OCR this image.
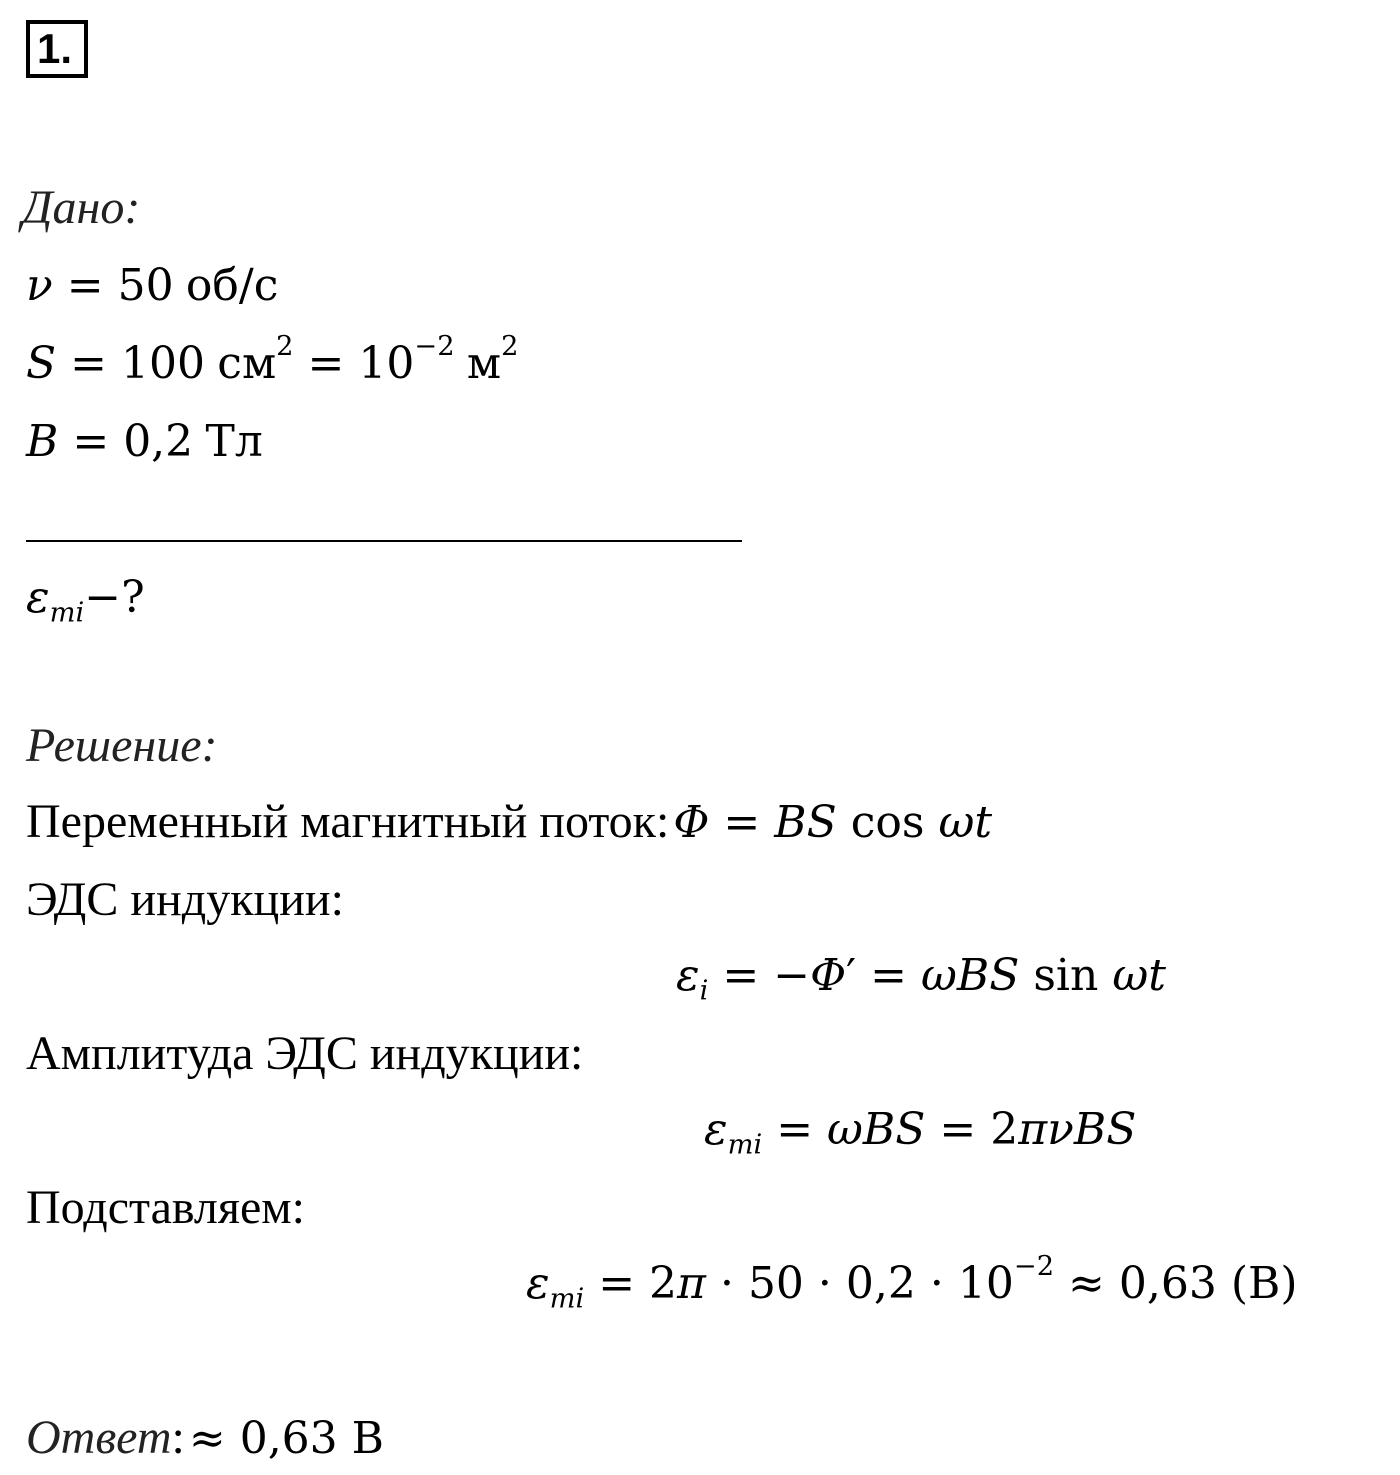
1.
Дано:
ν = 50 об/с
S = 100 $см^2 = 10^{-2}$ $м^2$
B = 0,2 Тл
$\varepsilon_{mi}-$?
Решение:
Переменный магнитный поток: Φ = BS cos ωt
ЭДС индукции:
$\varepsilon_i = -\Phi' = \omega BS$ sin ωt
Амплитуда ЭДС индукции:
$\varepsilon_{mi} = \omega BS = 2\pi\nu BS$
Подставляем:
$\varepsilon_{mi} = 2\pi \cdot 50 \cdot 0,2 \cdot 10^{-2} \approx 0,63$ (В)
Ответ: ≈ 0,63 В
